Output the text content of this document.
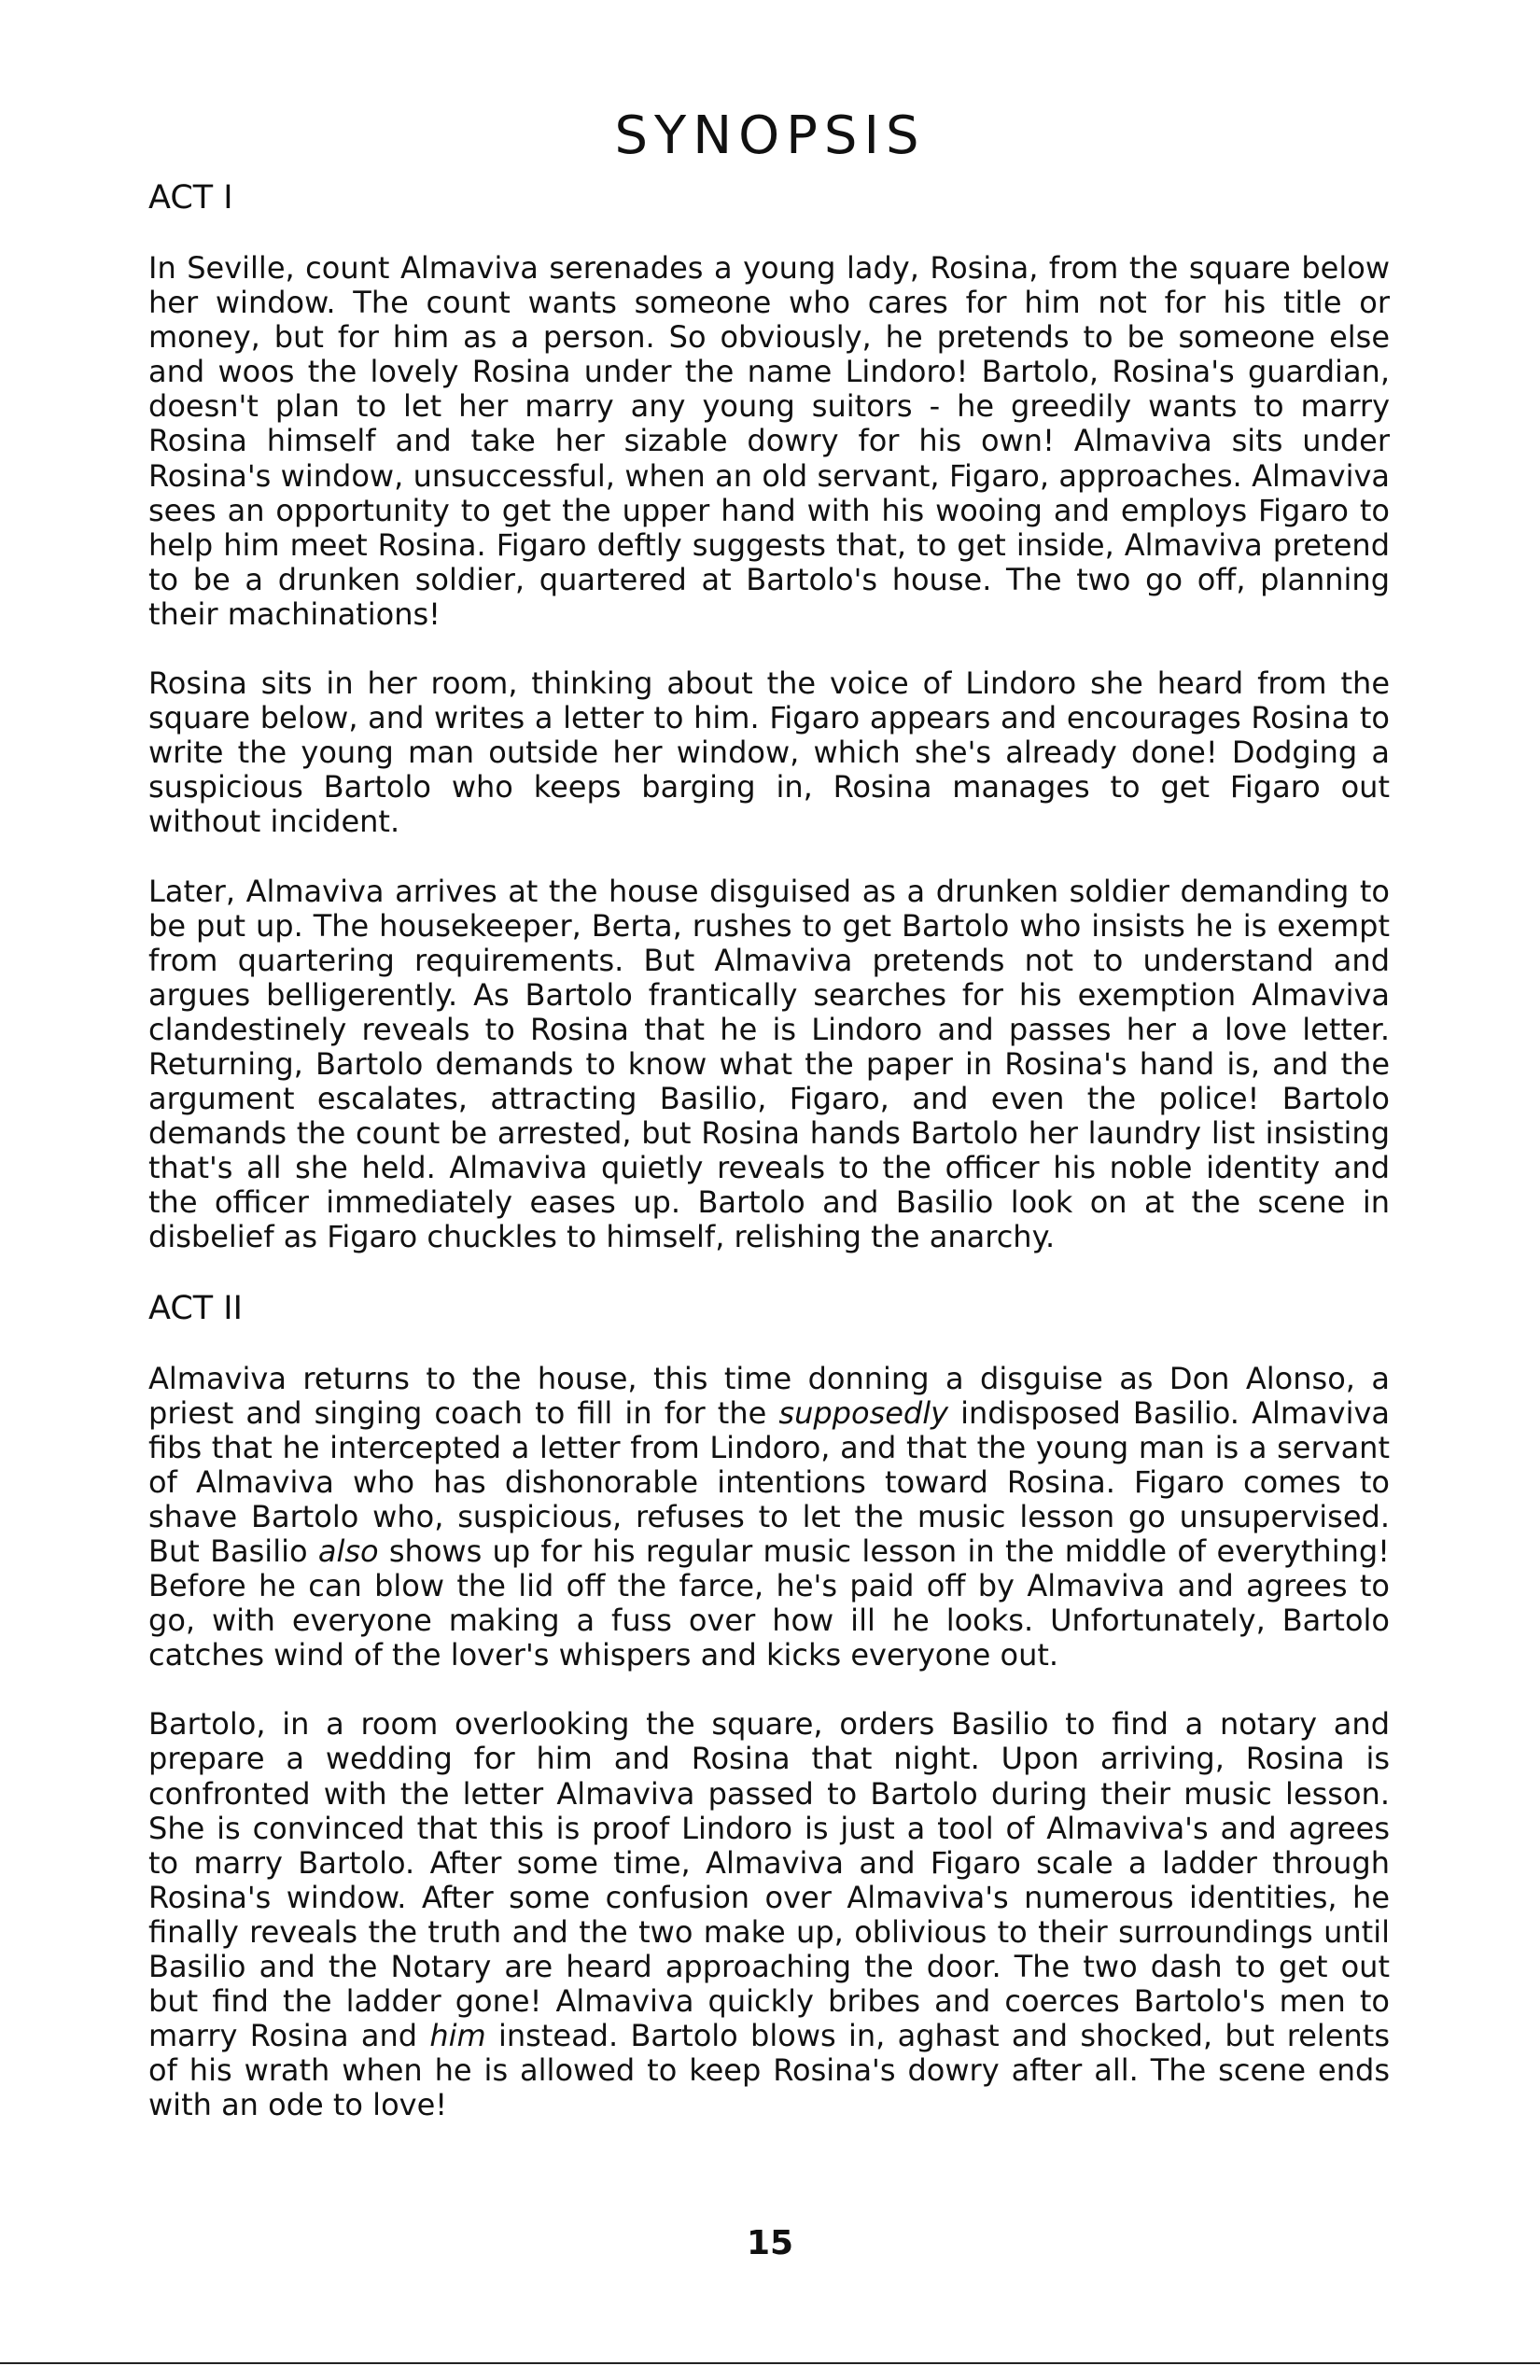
SYNOPSIS
ACT I

In Seville, count Almaviva serenades a young lady, Rosina, from the square below her window. The count wants someone who cares for him not for his title or money, but for him as a person. So obviously, he pretends to be someone else and woos the lovely Rosina under the name Lindoro! Bartolo, Rosina's guardian, doesn't plan to let her marry any young suitors - he greedily wants to marry Rosina himself and take her sizable dowry for his own! Almaviva sits under Rosina's window, unsuccessful, when an old servant, Figaro, approaches. Almaviva sees an opportunity to get the upper hand with his wooing and employs Figaro to help him meet Rosina. Figaro deftly suggests that, to get inside, Almaviva pretend to be a drunken soldier, quartered at Bartolo's house. The two go off, planning their machinations!

Rosina sits in her room, thinking about the voice of Lindoro she heard from the square below, and writes a letter to him. Figaro appears and encourages Rosina to write the young man outside her window, which she's already done! Dodging a suspicious Bartolo who keeps barging in, Rosina manages to get Figaro out without incident.

Later, Almaviva arrives at the house disguised as a drunken soldier demanding to be put up. The housekeeper, Berta, rushes to get Bartolo who insists he is exempt from quartering requirements. But Almaviva pretends not to understand and argues belligerently. As Bartolo frantically searches for his exemption Almaviva clandestinely reveals to Rosina that he is Lindoro and passes her a love letter. Returning, Bartolo demands to know what the paper in Rosina's hand is, and the argument escalates, attracting Basilio, Figaro, and even the police! Bartolo demands the count be arrested, but Rosina hands Bartolo her laundry list insisting that's all she held. Almaviva quietly reveals to the officer his noble identity and the officer immediately eases up. Bartolo and Basilio look on at the scene in disbelief as Figaro chuckles to himself, relishing the anarchy.

ACT II

Almaviva returns to the house, this time donning a disguise as Don Alonso, a priest and singing coach to fill in for the supposedly indisposed Basilio. Almaviva fibs that he intercepted a letter from Lindoro, and that the young man is a servant of Almaviva who has dishonorable intentions toward Rosina. Figaro comes to shave Bartolo who, suspicious, refuses to let the music lesson go unsupervised. But Basilio also shows up for his regular music lesson in the middle of everything! Before he can blow the lid off the farce, he's paid off by Almaviva and agrees to go, with everyone making a fuss over how ill he looks. Unfortunately, Bartolo catches wind of the lover's whispers and kicks everyone out.

Bartolo, in a room overlooking the square, orders Basilio to find a notary and prepare a wedding for him and Rosina that night. Upon arriving, Rosina is confronted with the letter Almaviva passed to Bartolo during their music lesson. She is convinced that this is proof Lindoro is just a tool of Almaviva's and agrees to marry Bartolo. After some time, Almaviva and Figaro scale a ladder through Rosina's window. After some confusion over Almaviva's numerous identities, he finally reveals the truth and the two make up, oblivious to their surroundings until Basilio and the Notary are heard approaching the door. The two dash to get out but find the ladder gone! Almaviva quickly bribes and coerces Bartolo's men to marry Rosina and him instead. Bartolo blows in, aghast and shocked, but relents of his wrath when he is allowed to keep Rosina's dowry after all. The scene ends with an ode to love!

15
